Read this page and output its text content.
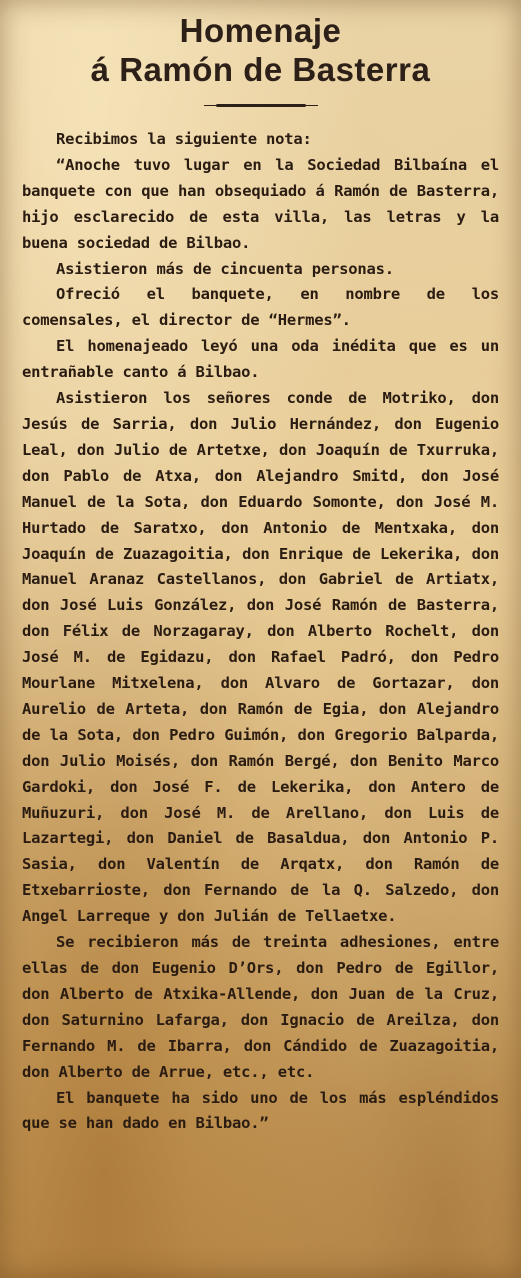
Homenaje
á Ramón de Basterra

Recibimos la siguiente nota:

“Anoche tuvo lugar en la Sociedad Bilbaína el banquete con que han obsequiado á Ramón de Basterra, hijo esclarecido de esta villa, las letras y la buena sociedad de Bilbao.

Asistieron más de cincuenta personas.

Ofreció el banquete, en nombre de los comensales, el director de “Hermes”.

El homenajeado leyó una oda inédita que es un entrañable canto á Bilbao.

Asistieron los señores conde de Motriko, don Jesús de Sarria, don Julio Hernández, don Eugenio Leal, don Julio de Artetxe, don Joaquín de Txurruka, don Pablo de Atxa, don Alejandro Smitd, don José Manuel de la Sota, don Eduardo Somonte, don José M. Hurtado de Saratxo, don Antonio de Mentxaka, don Joaquín de Zuazagoitia, don Enrique de Lekerika, don Manuel Aranaz Castellanos, don Gabriel de Artiatx, don José Luis González, don José Ramón de Basterra, don Félix de Norzagaray, don Alberto Rochelt, don José M. de Egidazu, don Rafael Padró, don Pedro Mourlane Mitxelena, don Alvaro de Gortazar, don Aurelio de Arteta, don Ramón de Egia, don Alejandro de la Sota, don Pedro Guimón, don Gregorio Balparda, don Julio Moisés, don Ramón Bergé, don Benito Marco Gardoki, don José F. de Lekerika, don Antero de Muñuzuri, don José M. de Arellano, don Luis de Lazartegi, don Daniel de Basaldua, don Antonio P. Sasia, don Valentín de Arqatx, don Ramón de Etxebarrioste, don Fernando de la Q. Salzedo, don Angel Larreque y don Julián de Tellaetxe.

Se recibieron más de treinta adhesiones, entre ellas de don Eugenio D’Ors, don Pedro de Egillor, don Alberto de Atxika-Allende, don Juan de la Cruz, don Saturnino Lafarga, don Ignacio de Areilza, don Fernando M. de Ibarra, don Cándido de Zuazagoitia, don Alberto de Arrue, etc., etc.

El banquete ha sido uno de los más espléndidos que se han dado en Bilbao.”
